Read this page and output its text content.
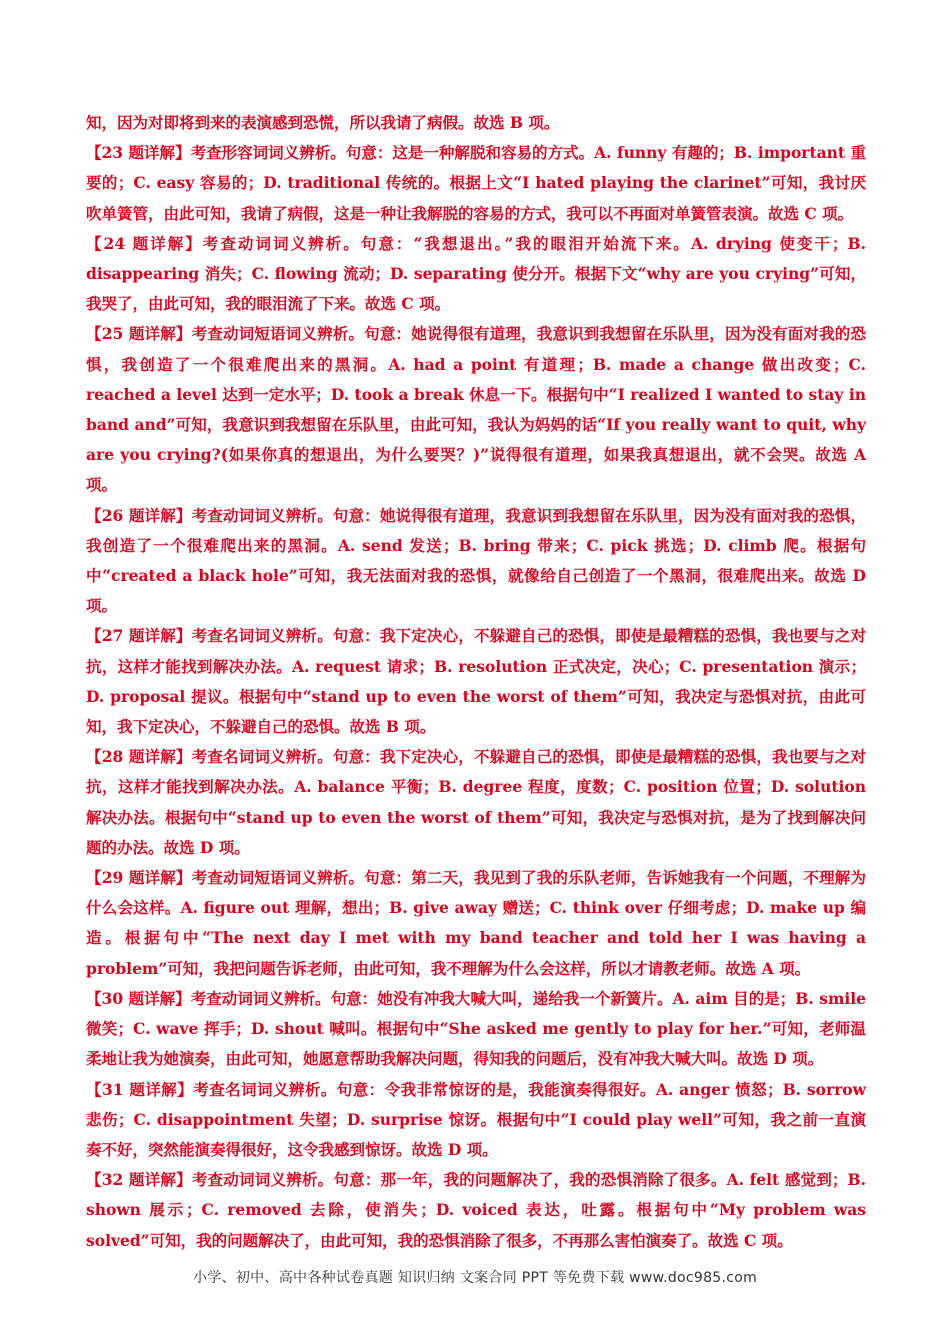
知，因为对即将到来的表演感到恐慌，所以我请了病假。故选 B 项。

【23 题详解】考查形容词词义辨析。句意：这是一种解脱和容易的方式。A. funny 有趣的；B. important 重要的；C. easy 容易的；D. traditional 传统的。根据上文“I hated playing the clarinet”可知，我讨厌吹单簧管，由此可知，我请了病假，这是一种让我解脱的容易的方式，我可以不再面对单簧管表演。故选 C 项。

【24 题详解】考查动词词义辨析。句意：“我想退出。”我的眼泪开始流下来。A. drying 使变干；B. disappearing 消失；C. flowing 流动；D. separating 使分开。根据下文“why are you crying”可知，我哭了，由此可知，我的眼泪流了下来。故选 C 项。

【25 题详解】考查动词短语词义辨析。句意：她说得很有道理，我意识到我想留在乐队里，因为没有面对我的恐惧，我创造了一个很难爬出来的黑洞。A. had a point 有道理；B. made a change 做出改变；C. reached a level 达到一定水平；D. took a break 休息一下。根据句中“I realized I wanted to stay in band and”可知，我意识到我想留在乐队里，由此可知，我认为妈妈的话“If you really want to quit, why are you crying?(如果你真的想退出，为什么要哭？)”说得很有道理，如果我真想退出，就不会哭。故选 A 项。

【26 题详解】考查动词词义辨析。句意：她说得很有道理，我意识到我想留在乐队里，因为没有面对我的恐惧，我创造了一个很难爬出来的黑洞。A. send 发送；B. bring 带来；C. pick 挑选；D. climb 爬。根据句中“created a black hole”可知，我无法面对我的恐惧，就像给自己创造了一个黑洞，很难爬出来。故选 D 项。

【27 题详解】考查名词词义辨析。句意：我下定决心，不躲避自己的恐惧，即使是最糟糕的恐惧，我也要与之对抗，这样才能找到解决办法。A. request 请求；B. resolution 正式决定，决心；C. presentation 演示；D. proposal 提议。根据句中“stand up to even the worst of them”可知，我决定与恐惧对抗，由此可知，我下定决心，不躲避自己的恐惧。故选 B 项。

【28 题详解】考查名词词义辨析。句意：我下定决心，不躲避自己的恐惧，即使是最糟糕的恐惧，我也要与之对抗，这样才能找到解决办法。A. balance 平衡；B. degree 程度，度数；C. position 位置；D. solution 解决办法。根据句中“stand up to even the worst of them”可知，我决定与恐惧对抗，是为了找到解决问题的办法。故选 D 项。

【29 题详解】考查动词短语词义辨析。句意：第二天，我见到了我的乐队老师，告诉她我有一个问题，不理解为什么会这样。A. figure out 理解，想出；B. give away 赠送；C. think over 仔细考虑；D. make up 编造。根据句中“The next day I met with my band teacher and told her I was having a problem”可知，我把问题告诉老师，由此可知，我不理解为什么会这样，所以才请教老师。故选 A 项。

【30 题详解】考查动词词义辨析。句意：她没有冲我大喊大叫，递给我一个新簧片。A. aim 目的是；B. smile 微笑；C. wave 挥手；D. shout 喊叫。根据句中“She asked me gently to play for her.”可知，老师温柔地让我为她演奏，由此可知，她愿意帮助我解决问题，得知我的问题后，没有冲我大喊大叫。故选 D 项。

【31 题详解】考查名词词义辨析。句意：令我非常惊讶的是，我能演奏得很好。A. anger 愤怒；B. sorrow 悲伤；C. disappointment 失望；D. surprise 惊讶。根据句中“I could play well”可知，我之前一直演奏不好，突然能演奏得很好，这令我感到惊讶。故选 D 项。

【32 题详解】考查动词词义辨析。句意：那一年，我的问题解决了，我的恐惧消除了很多。A. felt 感觉到；B. shown 展示；C. removed 去除，使消失；D. voiced 表达，吐露。根据句中“My problem was solved”可知，我的问题解决了，由此可知，我的恐惧消除了很多，不再那么害怕演奏了。故选 C 项。

小学、初中、高中各种试卷真题 知识归纳 文案合同 PPT 等免费下载 www.doc985.com
